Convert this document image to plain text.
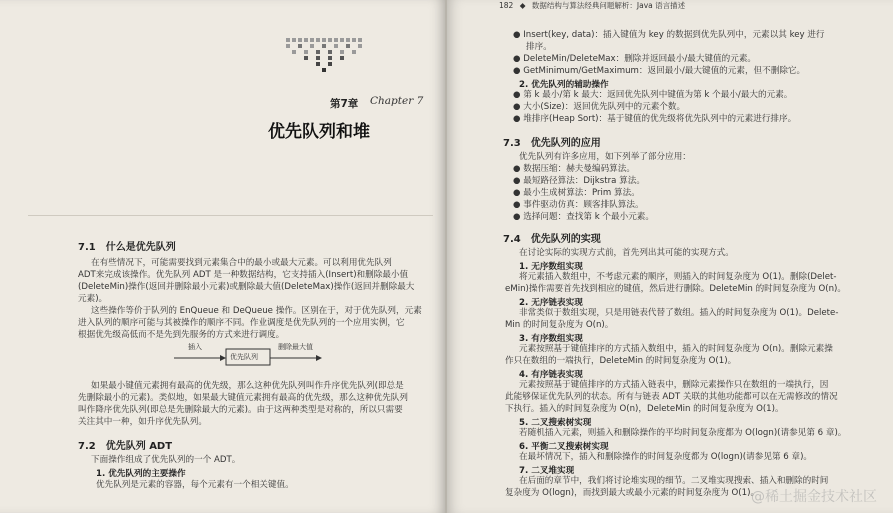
第7章 Chapter 7
优先队列和堆
7.1　什么是优先队列
在有些情况下，可能需要找到元素集合中的最小或最大元素。可以利用优先队列
ADT来完成该操作。优先队列 ADT 是一种数据结构，它支持插入(Insert)和删除最小值
(DeleteMin)操作(返回并删除最小元素)或删除最大值(DeleteMax)操作(返回并删除最大
元素)。
这些操作等价于队列的 EnQueue 和 DeQueue 操作。区别在于，对于优先队列，元素
进入队列的顺序可能与其被操作的顺序不同。作业调度是优先队列的一个应用实例，它
根据优先级高低而不是先到先服务的方式来进行调度。
插入
优先队列
删除最大值
如果最小键值元素拥有最高的优先级，那么这种优先队列叫作升序优先队列(即总是
先删除最小的元素)。类似地，如果最大键值元素拥有最高的优先级，那么这种优先队列
叫作降序优先队列(即总是先删除最大的元素)。由于这两种类型是对称的，所以只需要
关注其中一种，如升序优先队列。
7.2　优先队列 ADT
下面操作组成了优先队列的一个 ADT。
1. 优先队列的主要操作
优先队列是元素的容器，每个元素有一个相关键值。
182 ◆ 数据结构与算法经典问题解析：Java 语言描述
● Insert(key, data)：插入键值为 key 的数据到优先队列中，元素以其 key 进行
排序。
● DeleteMin/DeleteMax：删除并返回最小/最大键值的元素。
● GetMinimum/GetMaximum：返回最小/最大键值的元素，但不删除它。
2. 优先队列的辅助操作
● 第 k 最小/第 k 最大：返回优先队列中键值为第 k 个最小/最大的元素。
● 大小(Size)：返回优先队列中的元素个数。
● 堆排序(Heap Sort)：基于键值的优先级将优先队列中的元素进行排序。
7.3　优先队列的应用
优先队列有许多应用，如下列举了部分应用：
● 数据压缩：赫夫曼编码算法。
● 最短路径算法：Dijkstra 算法。
● 最小生成树算法：Prim 算法。
● 事件驱动仿真：顾客排队算法。
● 选择问题：查找第 k 个最小元素。
7.4　优先队列的实现
在讨论实际的实现方式前，首先列出其可能的实现方式。
1. 无序数组实现
将元素插入数组中，不考虑元素的顺序，则插入的时间复杂度为 O(1)。删除(Delet-
eMin)操作需要首先找到相应的键值，然后进行删除。DeleteMin 的时间复杂度为 O(n)。
2. 无序链表实现
非常类似于数组实现，只是用链表代替了数组。插入的时间复杂度为 O(1)。Delete-
Min 的时间复杂度为 O(n)。
3. 有序数组实现
元素按照基于键值排序的方式插入数组中，插入的时间复杂度为 O(n)。删除元素操
作只在数组的一端执行，DeleteMin 的时间复杂度为 O(1)。
4. 有序链表实现
元素按照基于键值排序的方式插入链表中，删除元素操作只在数组的一端执行，因
此能够保证优先队列的状态。所有与链表 ADT 关联的其他功能都可以在无需修改的情况
下执行。插入的时间复杂度为 O(n)，DeleteMin 的时间复杂度为 O(1)。
5. 二叉搜索树实现
若随机插入元素，则插入和删除操作的平均时间复杂度都为 O(logn)(请参见第 6 章)。
6. 平衡二叉搜索树实现
在最坏情况下，插入和删除操作的时间复杂度都为 O(logn)(请参见第 6 章)。
7. 二叉堆实现
在后面的章节中，我们将讨论堆实现的细节。二叉堆实现搜索、插入和删除的时间
复杂度为 O(logn)，而找到最大或最小元素的时间复杂度为 O(1)。
@稀土掘金技术社区
